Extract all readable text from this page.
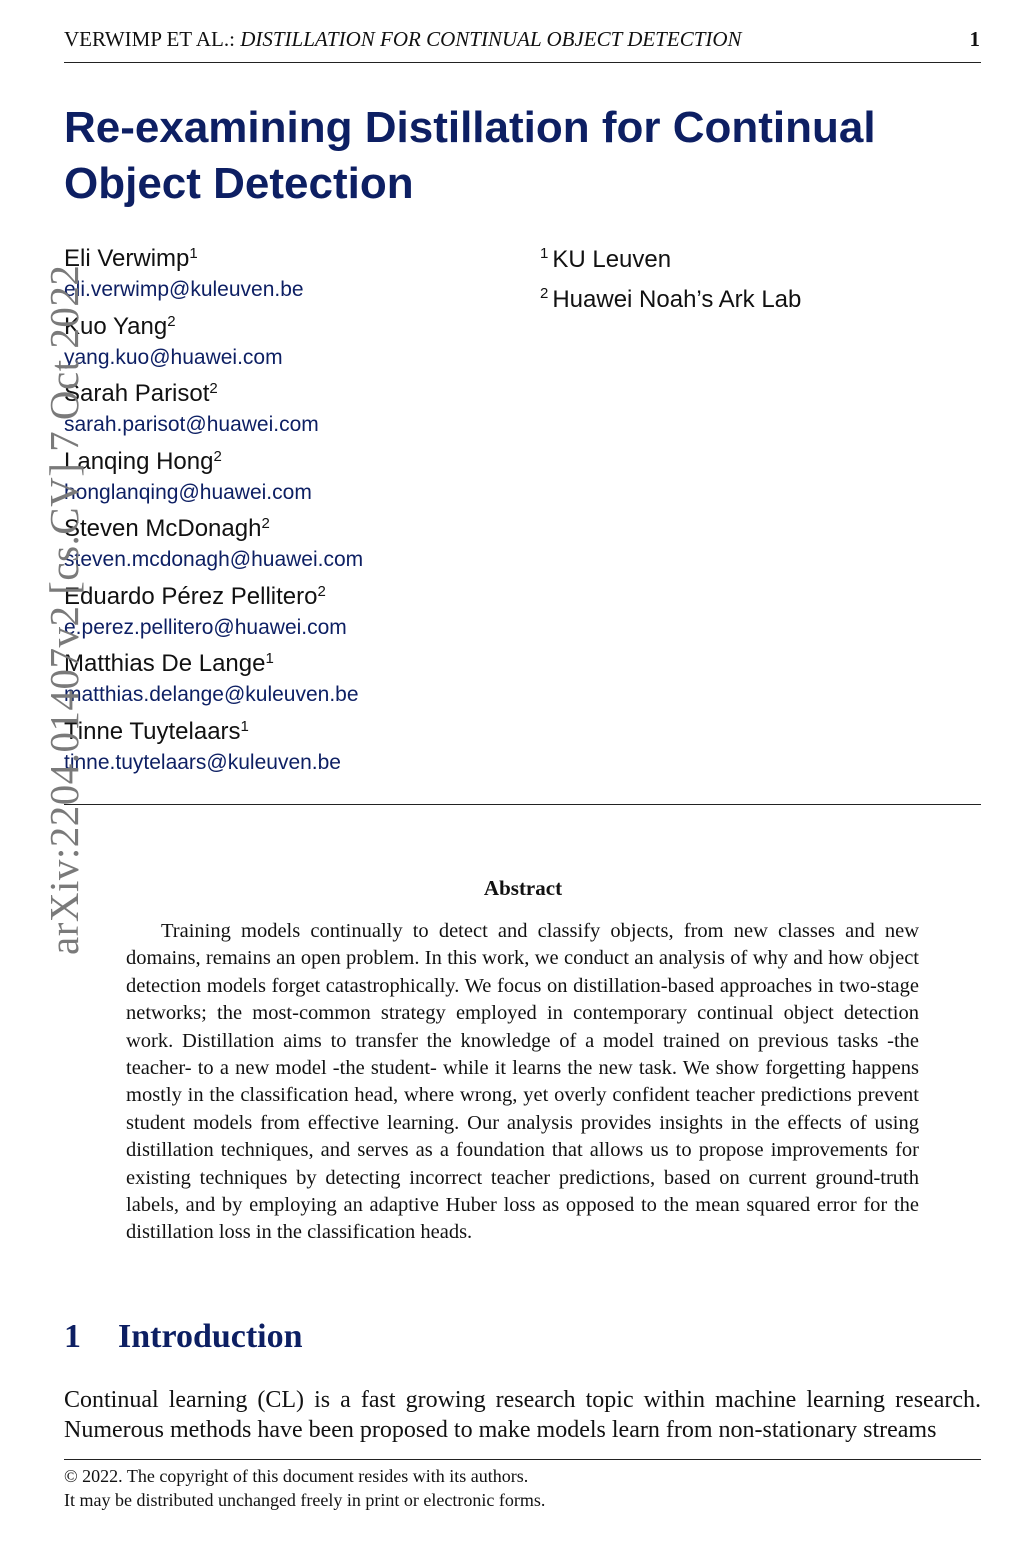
VERWIMP ET AL.: DISTILLATION FOR CONTINUAL OBJECT DETECTION	1
Re-examining Distillation for Continual Object Detection
Eli Verwimp$^1$
eli.verwimp@kuleuven.be
Kuo Yang$^2$
yang.kuo@huawei.com
Sarah Parisot$^2$
sarah.parisot@huawei.com
Lanqing Hong$^2$
honglanqing@huawei.com
Steven McDonagh$^2$
steven.mcdonagh@huawei.com
Eduardo Pérez Pellitero$^2$
e.perez.pellitero@huawei.com
Matthias De Lange$^1$
matthias.delange@kuleuven.be
Tinne Tuytelaars$^1$
tinne.tuytelaars@kuleuven.be
$^1$ KU Leuven
$^2$ Huawei Noah’s Ark Lab
arXiv:2204.01407v2 [cs.CV] 7 Oct 2022	Abstract
Training models continually to detect and classify objects, from new classes and new domains, remains an open problem. In this work, we conduct an analysis of why and how object detection models forget catastrophically. We focus on distillation-based approaches in two-stage networks; the most-common strategy employed in contemporary continual object detection work. Distillation aims to transfer the knowledge of a model trained on previous tasks -the teacher- to a new model -the student- while it learns the new task. We show forgetting happens mostly in the classification head, where wrong, yet overly confident teacher predictions prevent student models from effective learning. Our analysis provides insights in the effects of using distillation techniques, and serves as a foundation that allows us to propose improvements for existing techniques by detecting incorrect teacher predictions, based on current ground-truth labels, and by employing an adaptive Huber loss as opposed to the mean squared error for the distillation loss in the classification heads.
1 Introduction
Continual learning (CL) is a fast growing research topic within machine learning research. Numerous methods have been proposed to make models learn from non-stationary streams
© 2022. The copyright of this document resides with its authors.
It may be distributed unchanged freely in print or electronic forms.
